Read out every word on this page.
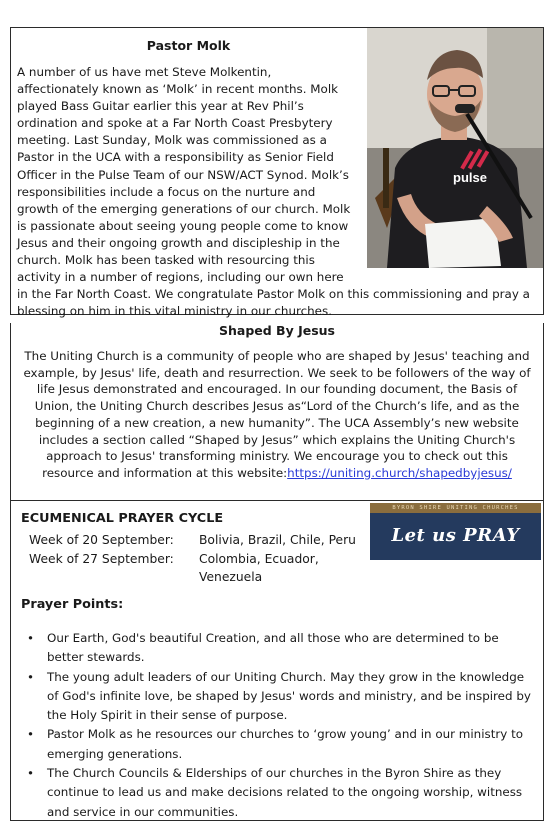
Pastor Molk
pulse
A number of us have met Steve Molkentin, affectionately known as ‘Molk’ in recent months. Molk played Bass Guitar earlier this year at Rev Phil’s ordination and spoke at a Far North Coast Presbytery meeting. Last Sunday, Molk was commissioned as a Pastor in the UCA with a responsibility as Senior Field Officer in the Pulse Team of our NSW/ACT Synod. Molk’s responsibilities include a focus on the nurture and growth of the emerging generations of our church. Molk is passionate about seeing young people come to know Jesus and their ongoing growth and discipleship in the church. Molk has been tasked with resourcing this activity in a number of regions, including our own here in the Far North Coast. We congratulate Pastor Molk on this commissioning and pray a blessing on him in this vital ministry in our churches.
Shaped By Jesus
The Uniting Church is a community of people who are shaped by Jesus' teaching and example, by Jesus' life, death and resurrection. We seek to be followers of the way of life Jesus demonstrated and encouraged. In our founding document, the Basis of Union, the Uniting Church describes Jesus as“Lord of the Church’s life, and as the beginning of a new creation, a new humanity”. The UCA Assembly’s new website includes a section called “Shaped by Jesus” which explains the Uniting Church's approach to Jesus' transforming ministry. We encourage you to check out this resource and information at this website:https://uniting.church/shapedbyjesus/
ECUMENICAL PRAYER CYCLE
BYRON SHIRE UNITING CHURCHES
Let us PRAY
Week of 20 September: Bolivia, Brazil, Chile, Peru
Week of 27 September: Colombia, Ecuador, Venezuela
Prayer Points:
• Our Earth, God's beautiful Creation, and all those who are determined to be better stewards.
• The young adult leaders of our Uniting Church. May they grow in the knowledge of God's infinite love, be shaped by Jesus' words and ministry, and be inspired by the Holy Spirit in their sense of purpose.
• Pastor Molk as he resources our churches to ‘grow young’ and in our ministry to emerging generations.
• The Church Councils & Elderships of our churches in the Byron Shire as they continue to lead us and make decisions related to the ongoing worship, witness and service in our communities.
